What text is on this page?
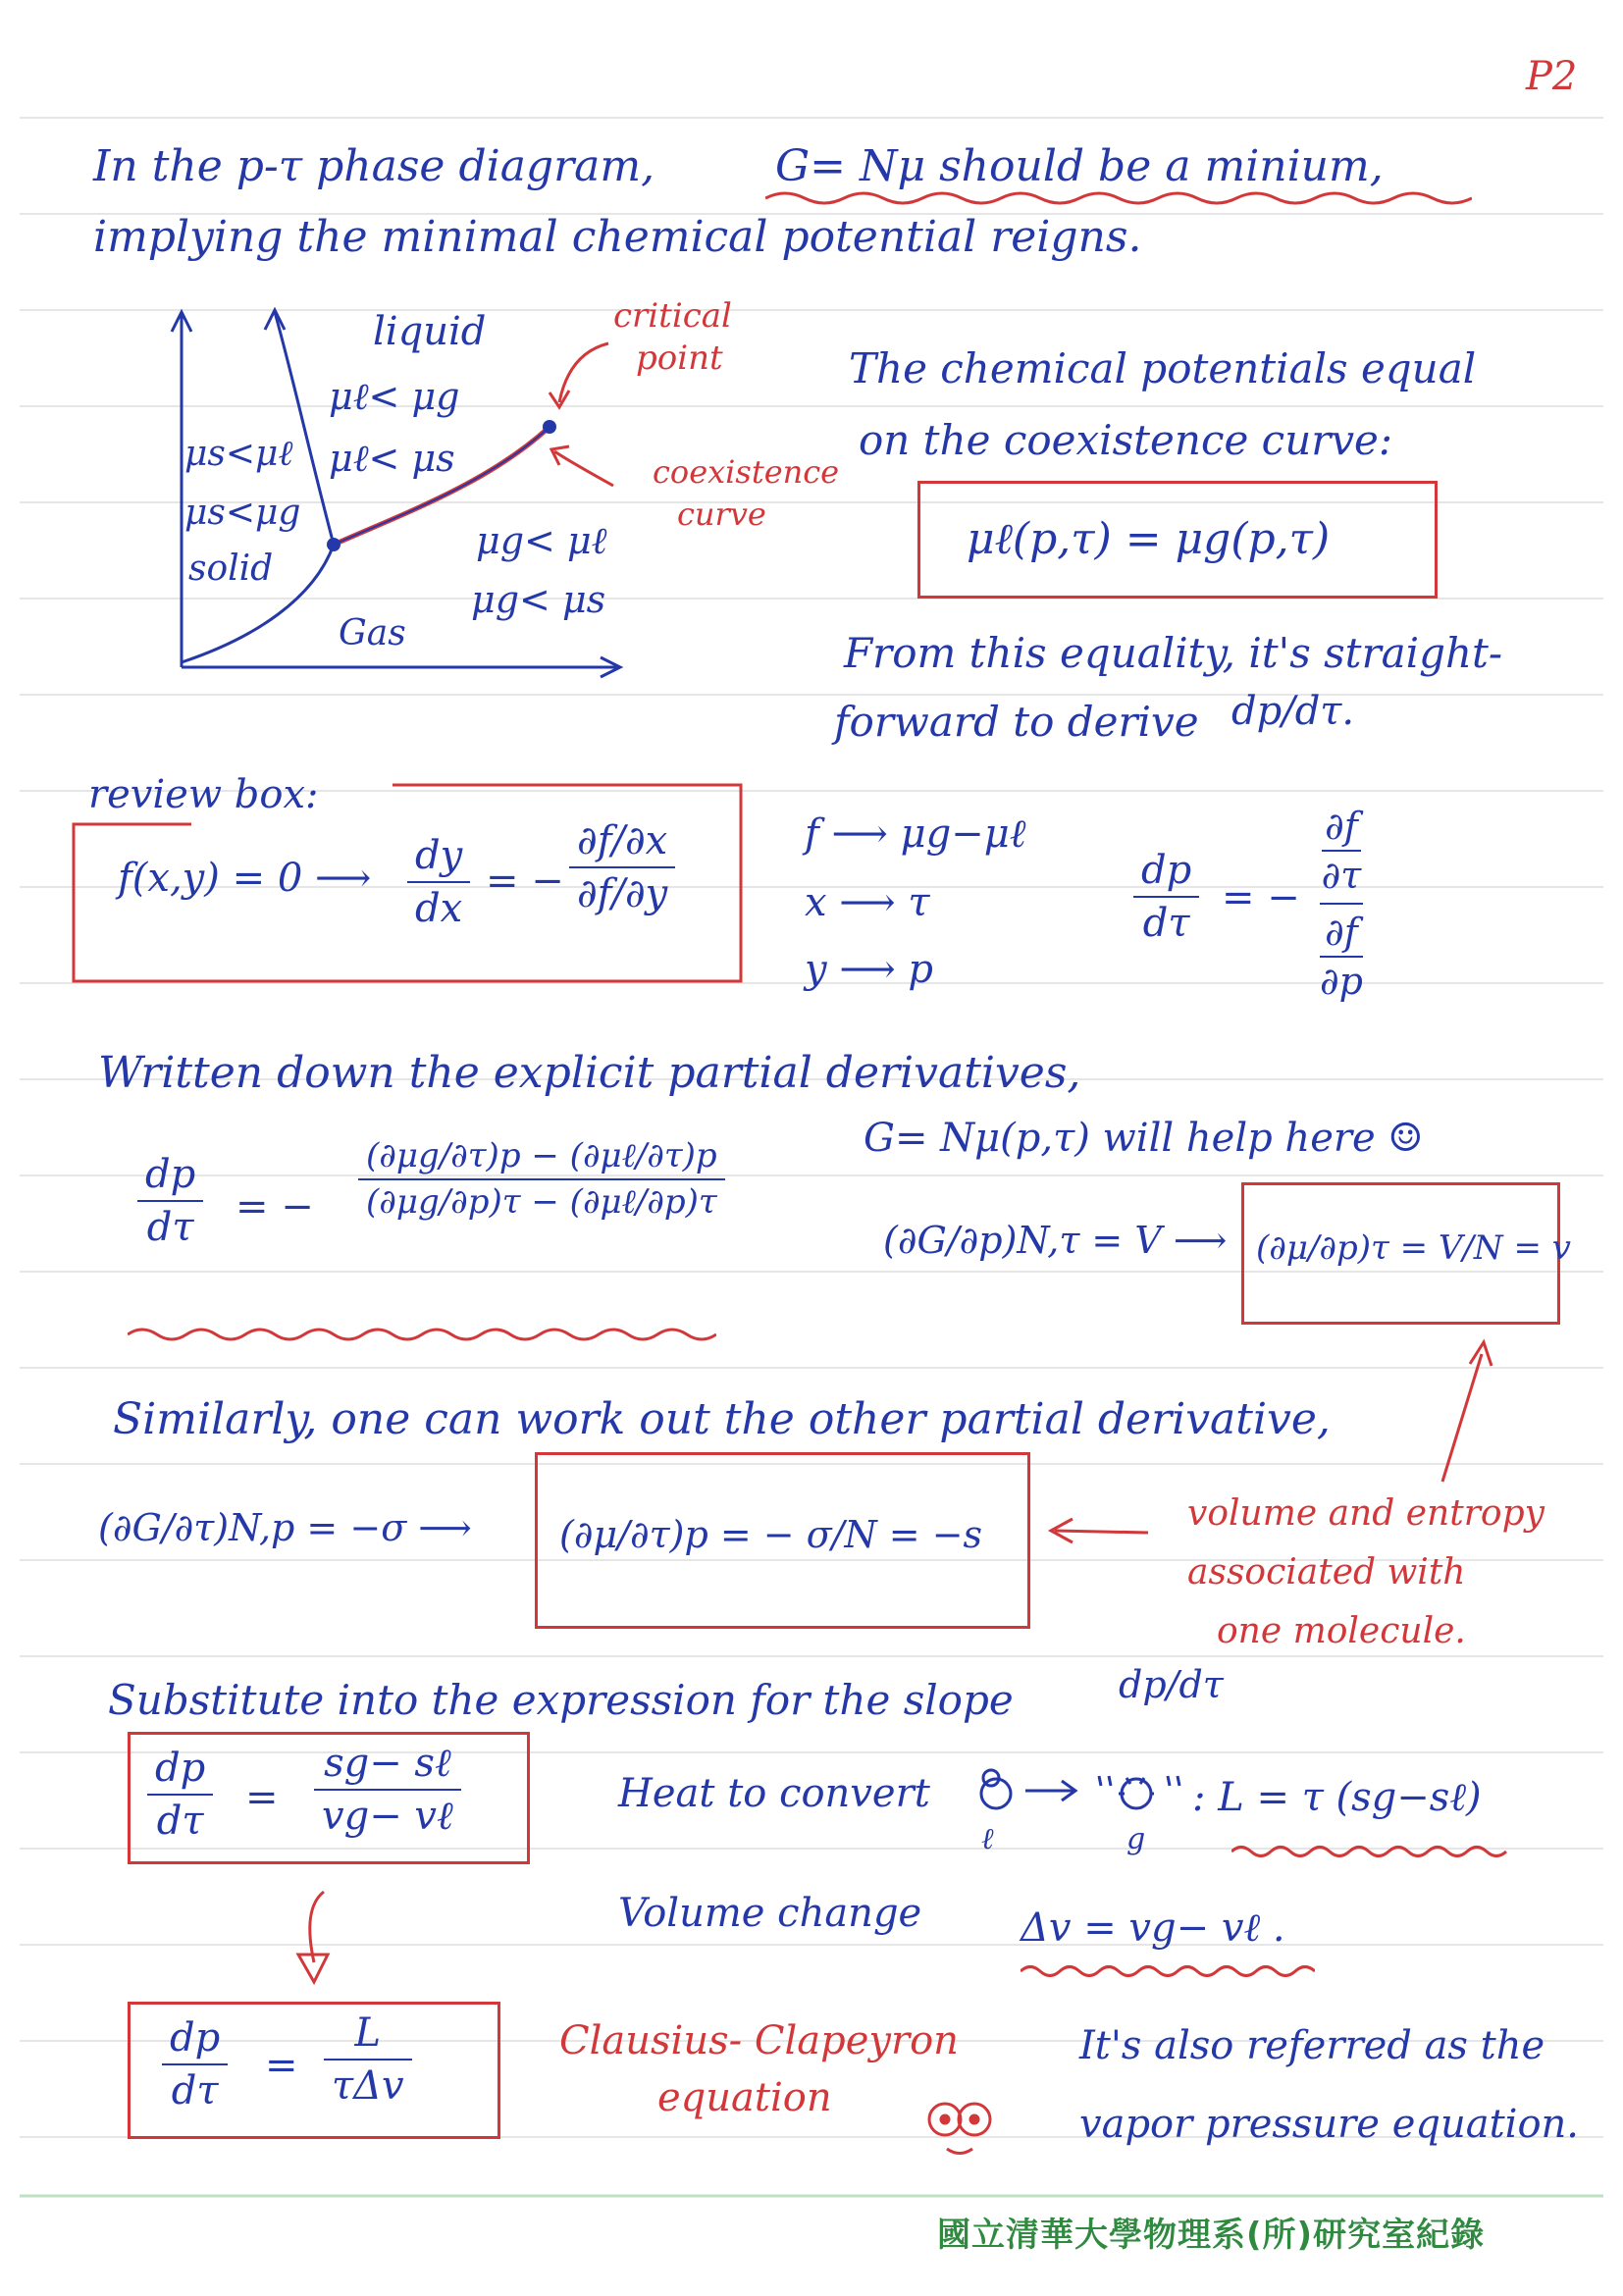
P2
In the p-τ phase diagram,	G= Nμ should be a minium,
implying the minimal chemical potential reigns.
liquid
μℓ< μg
μℓ< μs
μs<μℓ
μs<μg
solid
Gas
μg< μℓ
μg< μs
critical
point
coexistence
curve
The chemical potentials equal
on the coexistence curve:
μℓ(p,τ) = μg(p,τ)
From this equality, it's straight-
forward to derive dp/dτ.
review box:
f(x,y) = 0 ⟶ dy
dx
= −
∂f/∂x
∂f/∂y
f ⟶ μg−μℓ
x ⟶ τ
y ⟶ p
dp
dτ
= −
∂f
∂τ
∂f
∂p
Written down the explicit partial derivatives,
dp
dτ = −
(∂μg/∂τ)p − (∂μℓ/∂τ)p
(∂μg/∂p)τ − (∂μℓ/∂p)τ
G= Nμ(p,τ) will help here ☺
(∂G/∂p)N,τ = V ⟶ (∂μ/∂p)τ = V/N = v
Similarly, one can work out the other partial derivative,
(∂G/∂τ)N,p = −σ ⟶ (∂μ/∂τ)p = − σ/N = −s	volume and entropy
associated with
one molecule.
Substitute into the expression for the slope	dp/dτ
dp
dτ
=
sg− sℓ
vg− vℓ	Heat to convert
ℓ	g
: L = τ (sg−sℓ)
Volume change	Δv = vg− vℓ .
dp
dτ
=
L
τΔv
Clausius- Clapeyron
equation
It's also referred as the
vapor pressure equation.
國立清華大學物理系(所)研究室紀錄
